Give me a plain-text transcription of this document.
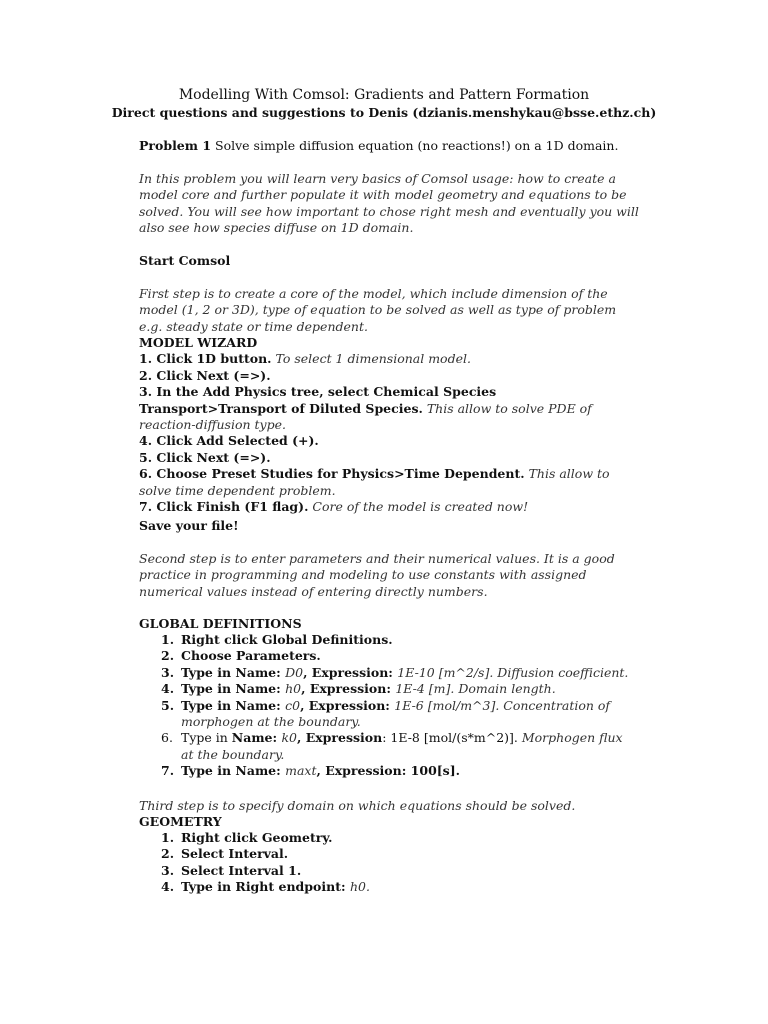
Modelling With Comsol: Gradients and Pattern Formation
Direct questions and suggestions to Denis (dzianis.menshykau@bsse.ethz.ch)
Problem 1 Solve simple diffusion equation (no reactions!) on a 1D domain.

In this problem you will learn very basics of Comsol usage: how to create a model core and further populate it with model geometry and equations to be solved. You will see how important to chose right mesh and eventually you will also see how species diffuse on 1D domain.

Start Comsol

First step is to create a core of the model, which include dimension of the model (1, 2 or 3D), type of equation to be solved as well as type of problem e.g. steady state or time dependent.

MODEL WIZARD
1. Click 1D button. To select 1 dimensional model.
2. Click Next (=>).
3. In the Add Physics tree, select Chemical Species Transport>Transport of Diluted Species. This allow to solve PDE of reaction-diffusion type.
4. Click Add Selected (+).
5. Click Next (=>).
6. Choose Preset Studies for Physics>Time Dependent. This allow to solve time dependent problem.
7. Click Finish (F1 flag). Core of the model is created now!
Save your file!

Second step is to enter parameters and their numerical values. It is a good practice in programming and modeling to use constants with assigned numerical values instead of entering directly numbers.

GLOBAL DEFINITIONS
1. Right click Global Definitions.
2. Choose Parameters.
3. Type in Name: D0, Expression: 1E-10 [m^2/s]. Diffusion coefficient.
4. Type in Name: h0, Expression: 1E-4 [m]. Domain length.
5. Type in Name: c0, Expression: 1E-6 [mol/m^3]. Concentration of morphogen at the boundary.
6. Type in Name: k0, Expression: 1E-8 [mol/(s*m^2)]. Morphogen flux at the boundary.
7. Type in Name: maxt, Expression: 100[s].

Third step is to specify domain on which equations should be solved.

GEOMETRY
1. Right click Geometry.
2. Select Interval.
3. Select Interval 1.
4. Type in Right endpoint: h0.
